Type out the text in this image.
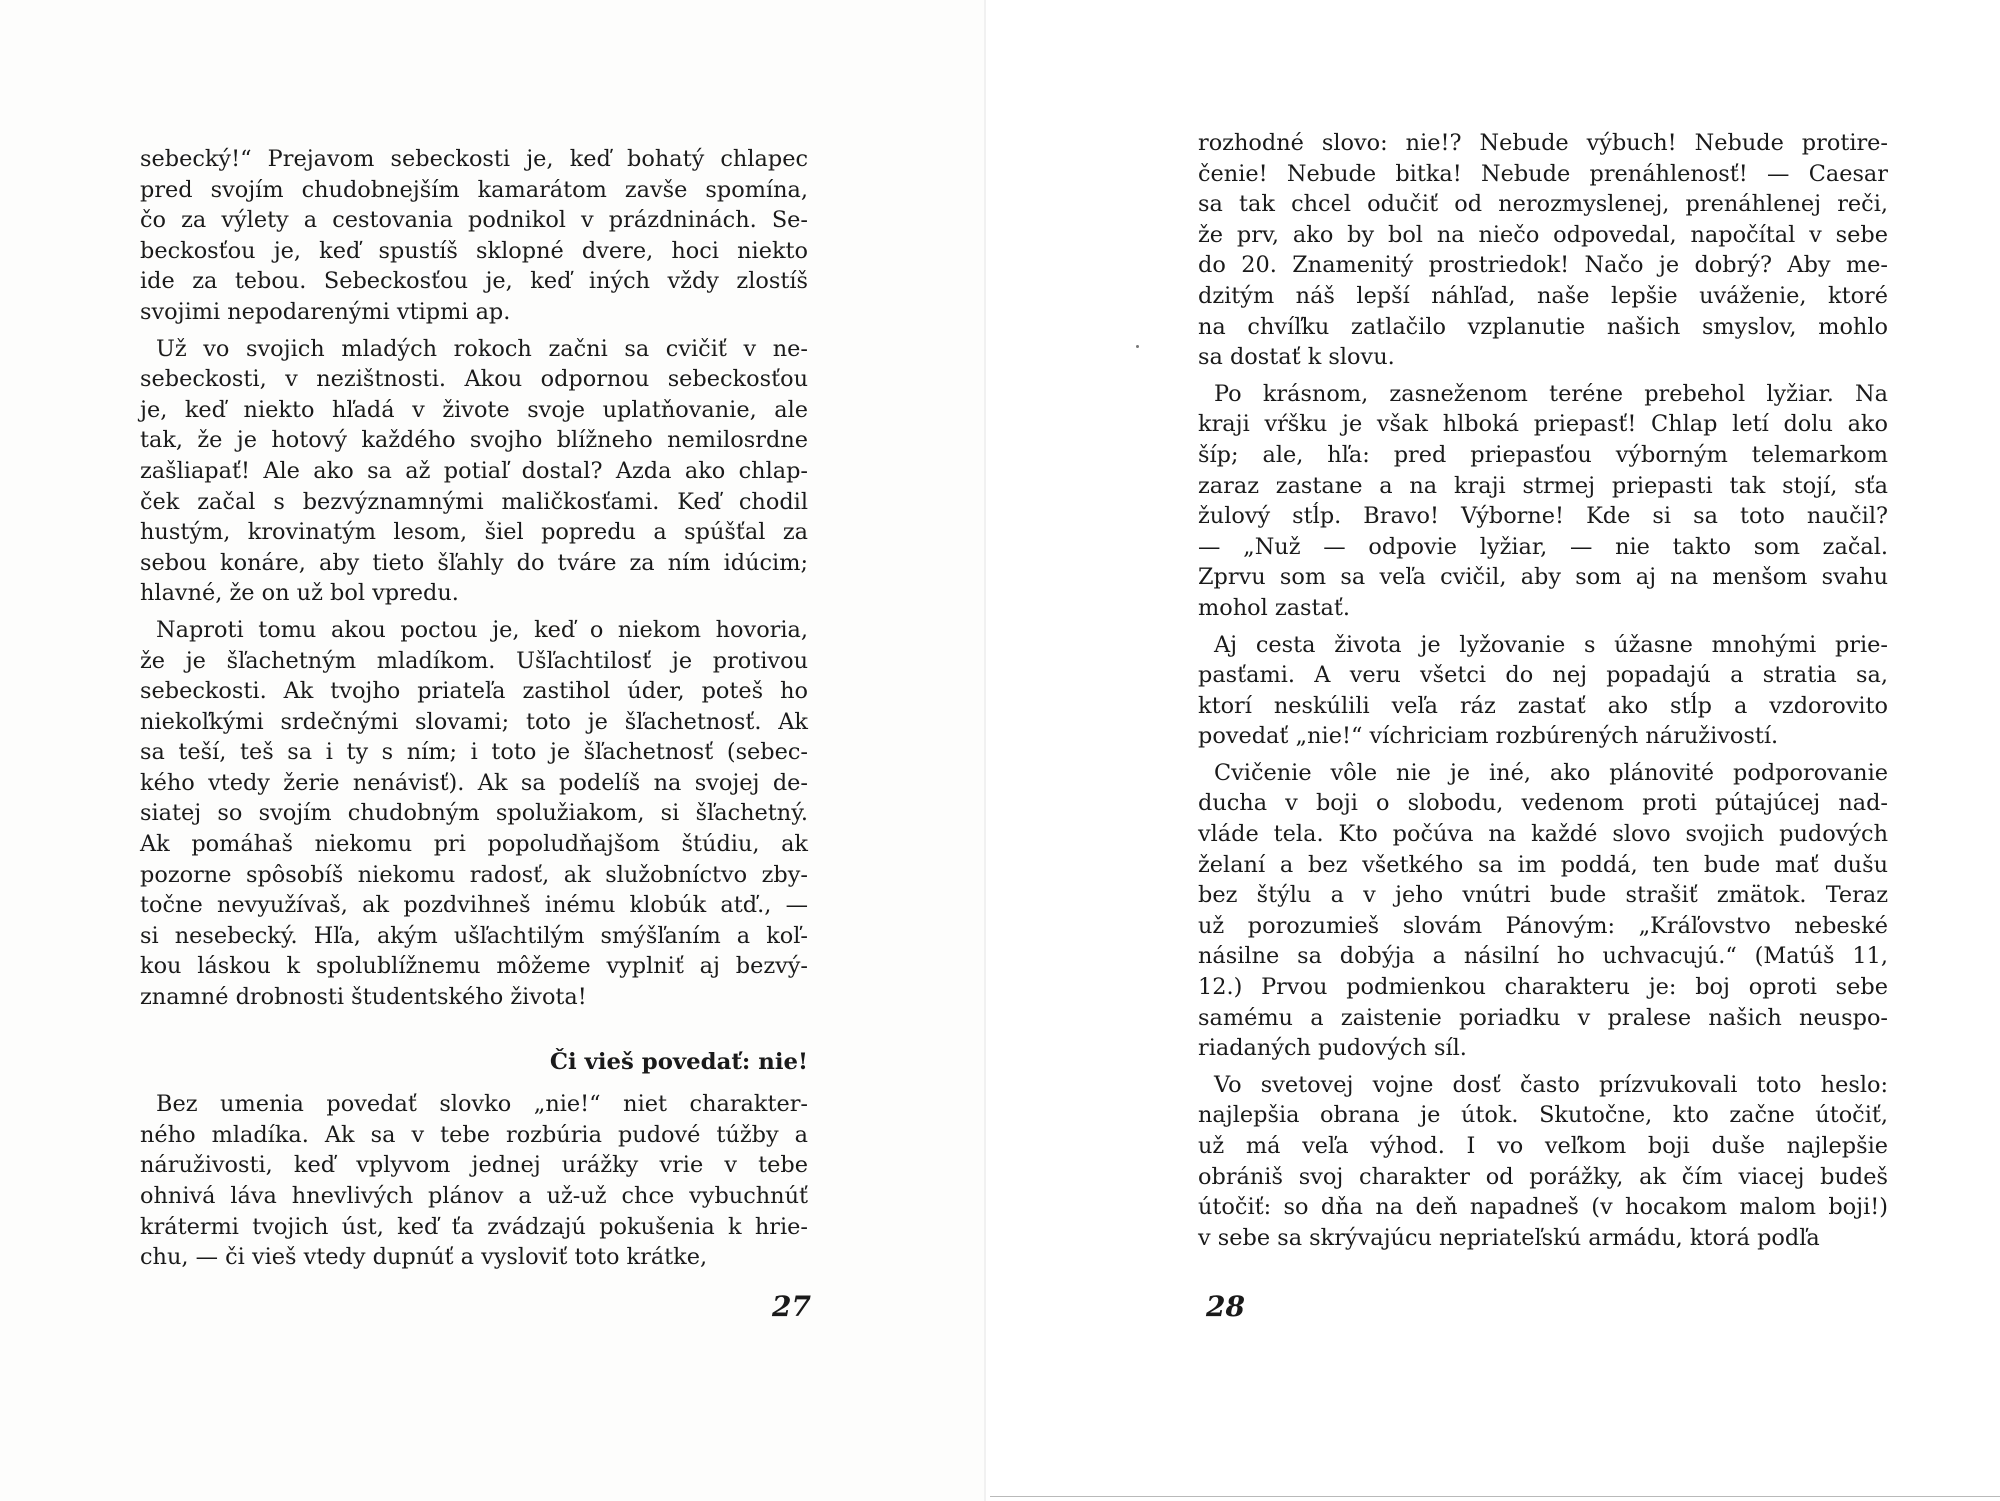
sebecký!“ Prejavom sebeckosti je, keď bohatý chlapec
pred svojím chudobnejším kamarátom zavše spomína,
čo za výlety a cestovania podnikol v prázdninách. Se-
beckosťou je, keď spustíš sklopné dvere, hoci niekto
ide za tebou. Sebeckosťou je, keď iných vždy zlostíš
svojimi nepodarenými vtipmi ap.
Už vo svojich mladých rokoch začni sa cvičiť v ne-
sebeckosti, v nezištnosti. Akou odpornou sebeckosťou
je, keď niekto hľadá v živote svoje uplatňovanie, ale
tak, že je hotový každého svojho blížneho nemilosrdne
zašliapať! Ale ako sa až potiaľ dostal? Azda ako chlap-
ček začal s bezvýznamnými maličkosťami. Keď chodil
hustým, krovinatým lesom, šiel popredu a spúšťal za
sebou konáre, aby tieto šľahly do tváre za ním idúcim;
hlavné, že on už bol vpredu.
Naproti tomu akou poctou je, keď o niekom hovoria,
že je šľachetným mladíkom. Ušľachtilosť je protivou
sebeckosti. Ak tvojho priateľa zastihol úder, poteš ho
niekoľkými srdečnými slovami; toto je šľachetnosť. Ak
sa teší, teš sa i ty s ním; i toto je šľachetnosť (sebec-
kého vtedy žerie nenávisť). Ak sa podelíš na svojej de-
siatej so svojím chudobným spolužiakom, si šľachetný.
Ak pomáhaš niekomu pri popoludňajšom štúdiu, ak
pozorne spôsobíš niekomu radosť, ak služobníctvo zby-
točne nevyužívaš, ak pozdvihneš inému klobúk atď., —
si nesebecký. Hľa, akým ušľachtilým smýšľaním a koľ-
kou láskou k spolublížnemu môžeme vyplniť aj bezvý-
znamné drobnosti študentského života!
Či vieš povedať: nie!
Bez umenia povedať slovko „nie!“ niet charakter-
ného mladíka. Ak sa v tebe rozbúria pudové túžby a
náruživosti, keď vplyvom jednej urážky vrie v tebe
ohnivá láva hnevlivých plánov a už-už chce vybuchnúť
krátermi tvojich úst, keď ťa zvádzajú pokušenia k hrie-
chu, — či vieš vtedy dupnúť a vysloviť toto krátke,
27
rozhodné slovo: nie!? Nebude výbuch! Nebude protire-
čenie! Nebude bitka! Nebude prenáhlenosť! — Caesar
sa tak chcel odučiť od nerozmyslenej, prenáhlenej reči,
že prv, ako by bol na niečo odpovedal, napočítal v sebe
do 20. Znamenitý prostriedok! Načo je dobrý? Aby me-
dzitým náš lepší náhľad, naše lepšie uváženie, ktoré
na chvíľku zatlačilo vzplanutie našich smyslov, mohlo
sa dostať k slovu.
Po krásnom, zasneženom teréne prebehol lyžiar. Na
kraji vŕšku je však hlboká priepasť! Chlap letí dolu ako
šíp; ale, hľa: pred priepasťou výborným telemarkom
zaraz zastane a na kraji strmej priepasti tak stojí, sťa
žulový stĺp. Bravo! Výborne! Kde si sa toto naučil?
— „Nuž — odpovie lyžiar, — nie takto som začal.
Zprvu som sa veľa cvičil, aby som aj na menšom svahu
mohol zastať.
Aj cesta života je lyžovanie s úžasne mnohými prie-
pasťami. A veru všetci do nej popadajú a stratia sa,
ktorí neskúlili veľa ráz zastať ako stĺp a vzdorovito
povedať „nie!“ víchriciam rozbúrených náruživostí.
Cvičenie vôle nie je iné, ako plánovité podporovanie
ducha v boji o slobodu, vedenom proti pútajúcej nad-
vláde tela. Kto počúva na každé slovo svojich pudových
želaní a bez všetkého sa im poddá, ten bude mať dušu
bez štýlu a v jeho vnútri bude strašiť zmätok. Teraz
už porozumieš slovám Pánovým: „Kráľovstvo nebeské
násilne sa dobýja a násilní ho uchvacujú.“ (Matúš 11,
12.) Prvou podmienkou charakteru je: boj oproti sebe
samému a zaistenie poriadku v pralese našich neuspo-
riadaných pudových síl.
Vo svetovej vojne dosť často prízvukovali toto heslo:
najlepšia obrana je útok. Skutočne, kto začne útočiť,
už má veľa výhod. I vo veľkom boji duše najlepšie
obrániš svoj charakter od porážky, ak čím viacej budeš
útočiť: so dňa na deň napadneš (v hocakom malom boji!)
v sebe sa skrývajúcu nepriateľskú armádu, ktorá podľa
28
